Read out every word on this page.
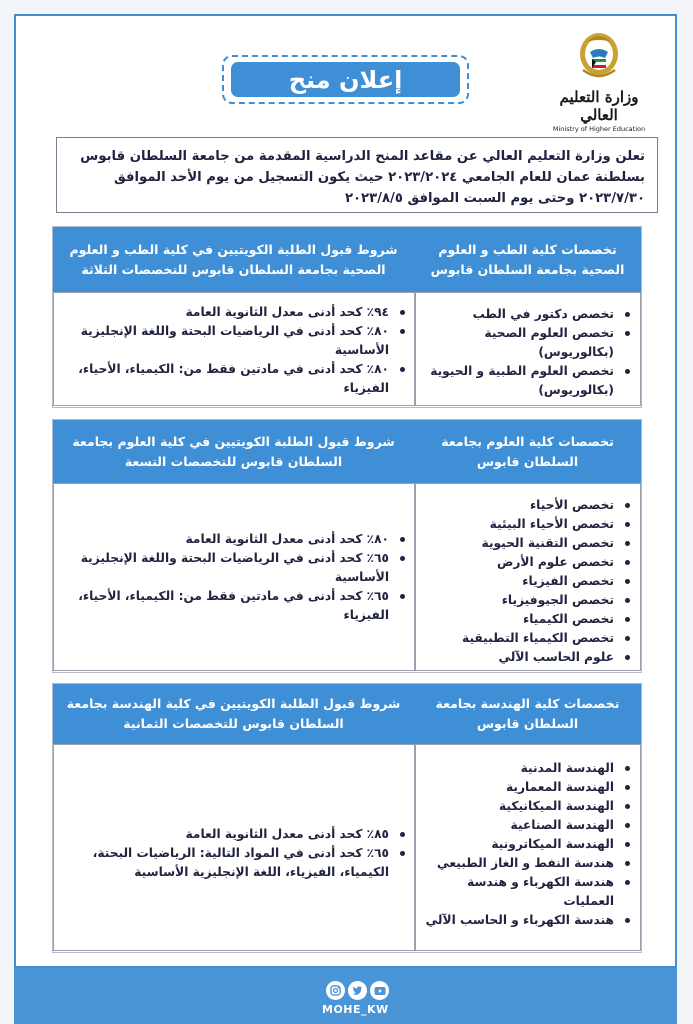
وزارة التعليم العالي
Ministry of Higher Education
إعلان منح
تعلن وزارة التعليم العالي عن مقاعد المنح الدراسية المقدمة من جامعة السلطان قابوس بسلطنة عمان للعام الجامعي ٢٠٢٣/٢٠٢٤ حيث يكون التسجيل من يوم الأحد الموافق ٢٠٢٣/٧/٣٠ وحتى يوم السبت الموافق ٢٠٢٣/٨/٥
تخصصات كلية الطب و العلوم الصحية بجامعة السلطان قابوس
شروط قبول الطلبة الكويتيين في كلية الطب و العلوم الصحية بجامعة السلطان قابوس للتخصصات الثلاثة
تخصص دكتور في الطب
تخصص العلوم الصحية (بكالوريوس)
تخصص العلوم الطبية و الحيوية (بكالوريوس)
٩٤٪ كحد أدنى معدل الثانوية العامة
٨٠٪ كحد أدنى في الرياضيات البحتة واللغة الإنجليزية الأساسية
٨٠٪ كحد أدنى في مادتين فقط من: الكيمياء، الأحياء، الفيزياء
تخصصات كلية العلوم بجامعة السلطان قابوس
شروط قبول الطلبة الكويتيين في كلية العلوم بجامعة السلطان قابوس للتخصصات التسعة
تخصص الأحياء
تخصص الأحياء البيئية
تخصص التقنية الحيوية
تخصص علوم الأرض
تخصص الفيزياء
تخصص الجيوفيزياء
تخصص الكيمياء
تخصص الكيمياء التطبيقية
علوم الحاسب الآلي
٨٠٪ كحد أدنى معدل الثانوية العامة
٦٥٪ كحد أدنى في الرياضيات البحتة واللغة الإنجليزية الأساسية
٦٥٪ كحد أدنى في مادتين فقط من: الكيمياء، الأحياء، الفيزياء
تخصصات كلية الهندسة بجامعة السلطان قابوس
شروط قبول الطلبة الكويتيين في كلية الهندسة بجامعة السلطان قابوس للتخصصات الثمانية
الهندسة المدنية
الهندسة المعمارية
الهندسة الميكانيكية
الهندسة الصناعية
الهندسة الميكاترونية
هندسة النفط و الغاز الطبيعي
هندسة الكهرباء و هندسة العمليات
هندسة الكهرباء و الحاسب الآلي
٨٥٪ كحد أدنى معدل الثانوية العامة
٦٥٪ كحد أدنى في المواد التالية: الرياضيات البحتة، الكيمياء، الفيزياء، اللغة الإنجليزية الأساسية
MOHE_KW
